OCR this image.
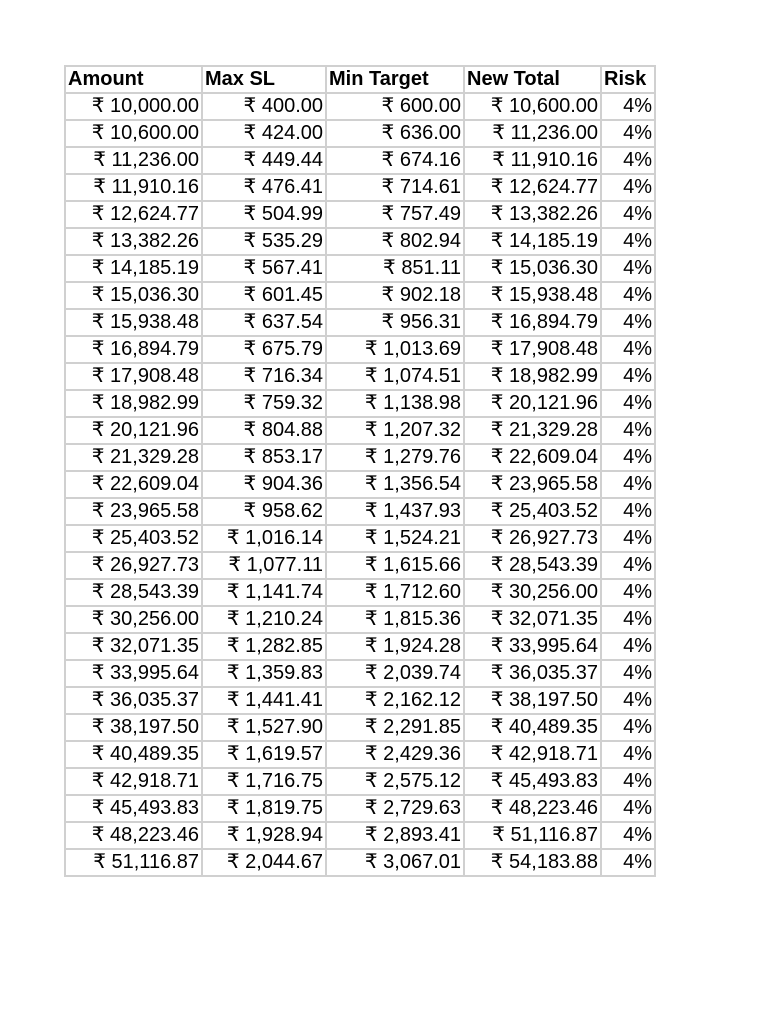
Amount	Max SL	Min Target	New Total	Risk
₹ 10,000.00	₹ 400.00	₹ 600.00	₹ 10,600.00	4%
₹ 10,600.00	₹ 424.00	₹ 636.00	₹ 11,236.00	4%
₹ 11,236.00	₹ 449.44	₹ 674.16	₹ 11,910.16	4%
₹ 11,910.16	₹ 476.41	₹ 714.61	₹ 12,624.77	4%
₹ 12,624.77	₹ 504.99	₹ 757.49	₹ 13,382.26	4%
₹ 13,382.26	₹ 535.29	₹ 802.94	₹ 14,185.19	4%
₹ 14,185.19	₹ 567.41	₹ 851.11	₹ 15,036.30	4%
₹ 15,036.30	₹ 601.45	₹ 902.18	₹ 15,938.48	4%
₹ 15,938.48	₹ 637.54	₹ 956.31	₹ 16,894.79	4%
₹ 16,894.79	₹ 675.79	₹ 1,013.69	₹ 17,908.48	4%
₹ 17,908.48	₹ 716.34	₹ 1,074.51	₹ 18,982.99	4%
₹ 18,982.99	₹ 759.32	₹ 1,138.98	₹ 20,121.96	4%
₹ 20,121.96	₹ 804.88	₹ 1,207.32	₹ 21,329.28	4%
₹ 21,329.28	₹ 853.17	₹ 1,279.76	₹ 22,609.04	4%
₹ 22,609.04	₹ 904.36	₹ 1,356.54	₹ 23,965.58	4%
₹ 23,965.58	₹ 958.62	₹ 1,437.93	₹ 25,403.52	4%
₹ 25,403.52	₹ 1,016.14	₹ 1,524.21	₹ 26,927.73	4%
₹ 26,927.73	₹ 1,077.11	₹ 1,615.66	₹ 28,543.39	4%
₹ 28,543.39	₹ 1,141.74	₹ 1,712.60	₹ 30,256.00	4%
₹ 30,256.00	₹ 1,210.24	₹ 1,815.36	₹ 32,071.35	4%
₹ 32,071.35	₹ 1,282.85	₹ 1,924.28	₹ 33,995.64	4%
₹ 33,995.64	₹ 1,359.83	₹ 2,039.74	₹ 36,035.37	4%
₹ 36,035.37	₹ 1,441.41	₹ 2,162.12	₹ 38,197.50	4%
₹ 38,197.50	₹ 1,527.90	₹ 2,291.85	₹ 40,489.35	4%
₹ 40,489.35	₹ 1,619.57	₹ 2,429.36	₹ 42,918.71	4%
₹ 42,918.71	₹ 1,716.75	₹ 2,575.12	₹ 45,493.83	4%
₹ 45,493.83	₹ 1,819.75	₹ 2,729.63	₹ 48,223.46	4%
₹ 48,223.46	₹ 1,928.94	₹ 2,893.41	₹ 51,116.87	4%
₹ 51,116.87	₹ 2,044.67	₹ 3,067.01	₹ 54,183.88	4%
